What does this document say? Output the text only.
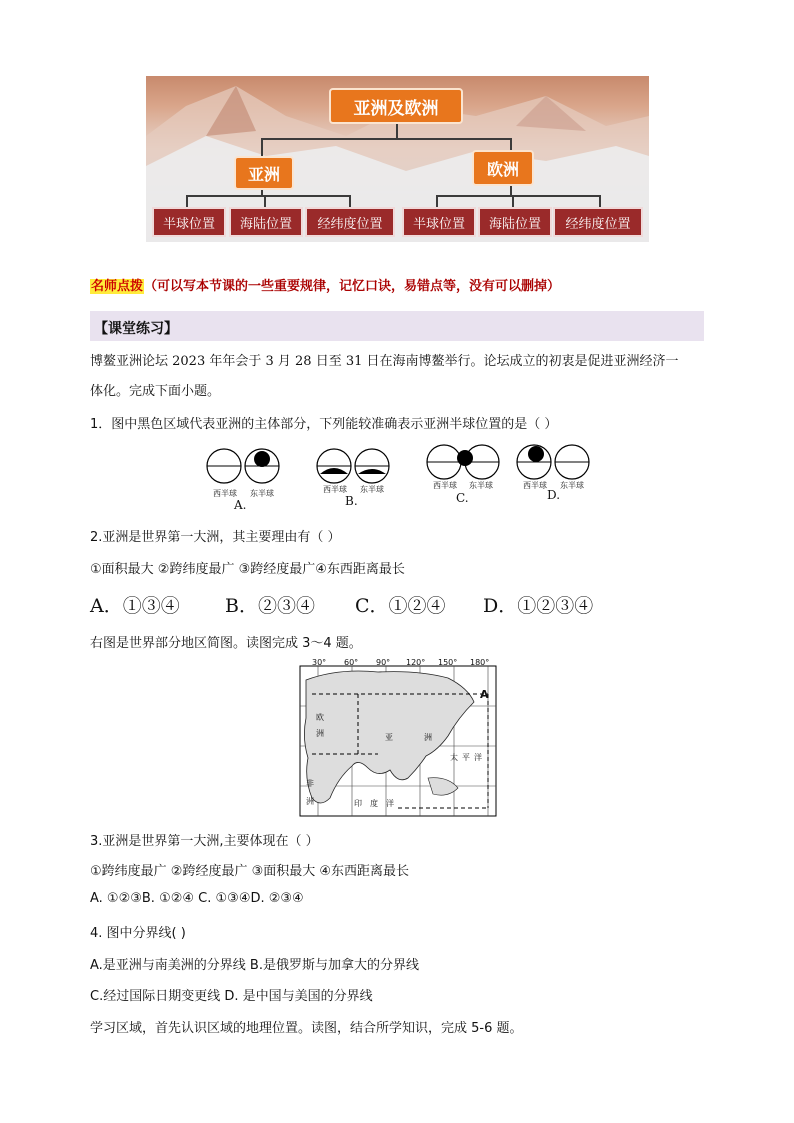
亚洲及欧洲
亚洲	欧洲
半球位置	海陆位置	经纬度位置	半球位置	海陆位置	经纬度位置
名师点拨（可以写本节课的一些重要规律，记忆口诀，易错点等，没有可以删掉）
【课堂练习】
博鳌亚洲论坛 2023 年年会于 3 月 28 日至 31 日在海南博鳌举行。论坛成立的初衷是促进亚洲经济一
体化。完成下面小题。
1．图中黑色区域代表亚洲的主体部分，下列能较准确表示亚洲半球位置的是（ ）
西半球 东半球	西半球 东半球	西半球 东半球	西半球 东半球
A.	B.	C.	D.
2.亚洲是世界第一大洲，其主要理由有（ ）
①面积最大 ②跨纬度最广 ③跨经度最广④东西距离最长
A．①③④ B．②③④ C．①②④ D．①②③④
右图是世界部分地区简图。读图完成 3～4 题。
30° 60° 90° 120° 150° 180°
欧
洲	亚	洲
非
洲
太 平 洋
印 度 洋
A
3.亚洲是世界第一大洲,主要体现在（ ）
①跨纬度最广 ②跨经度最广 ③面积最大 ④东西距离最长
A. ①②③B. ①②④ C. ①③④D. ②③④
4. 图中分界线( )
A.是亚洲与南美洲的分界线 B.是俄罗斯与加拿大的分界线
C.经过国际日期变更线 D. 是中国与美国的分界线
学习区域，首先认识区域的地理位置。读图，结合所学知识，完成 5-6 题。
